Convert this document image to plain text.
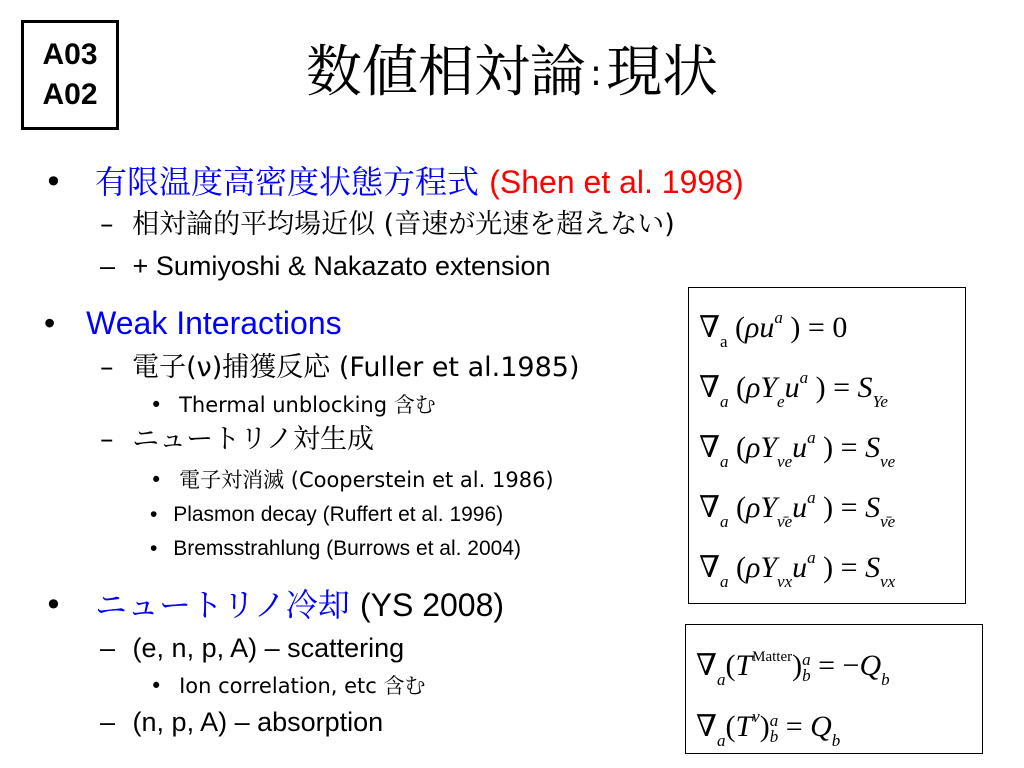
A03
A02	数値相対論 :現状
• 有限温度高密度状態方程式 (Shen et al. 1998)
– 相対論的平均場近似 (音速が光速を超えない)
– + Sumiyoshi & Nakazato extension
• Weak Interactions
– 電子(ν)捕獲反応 (Fuller et al.1985)
• Thermal unblocking 含む
– ニュートリノ対生成
• 電子対消滅 (Cooperstein et al. 1986)
• Plasmon decay (Ruffert et al. 1996)
• Bremsstrahlung (Burrows et al. 2004)
• ニュートリノ冷却 (YS 2008)
– (e, n, p, A) – scattering
• Ion correlation, etc 含む
– (n, p, A) – absorption
∇a (ρua ) = 0
∇a (ρYeua ) = SYe
∇a (ρYνeua ) = Sνe
∇a (ρYν̄eua ) = Sν̄e
∇a (ρYνxua ) = Sνx
∇a(TMatter) a
b = −Qb
∇a(Tν) a
b = Qb
